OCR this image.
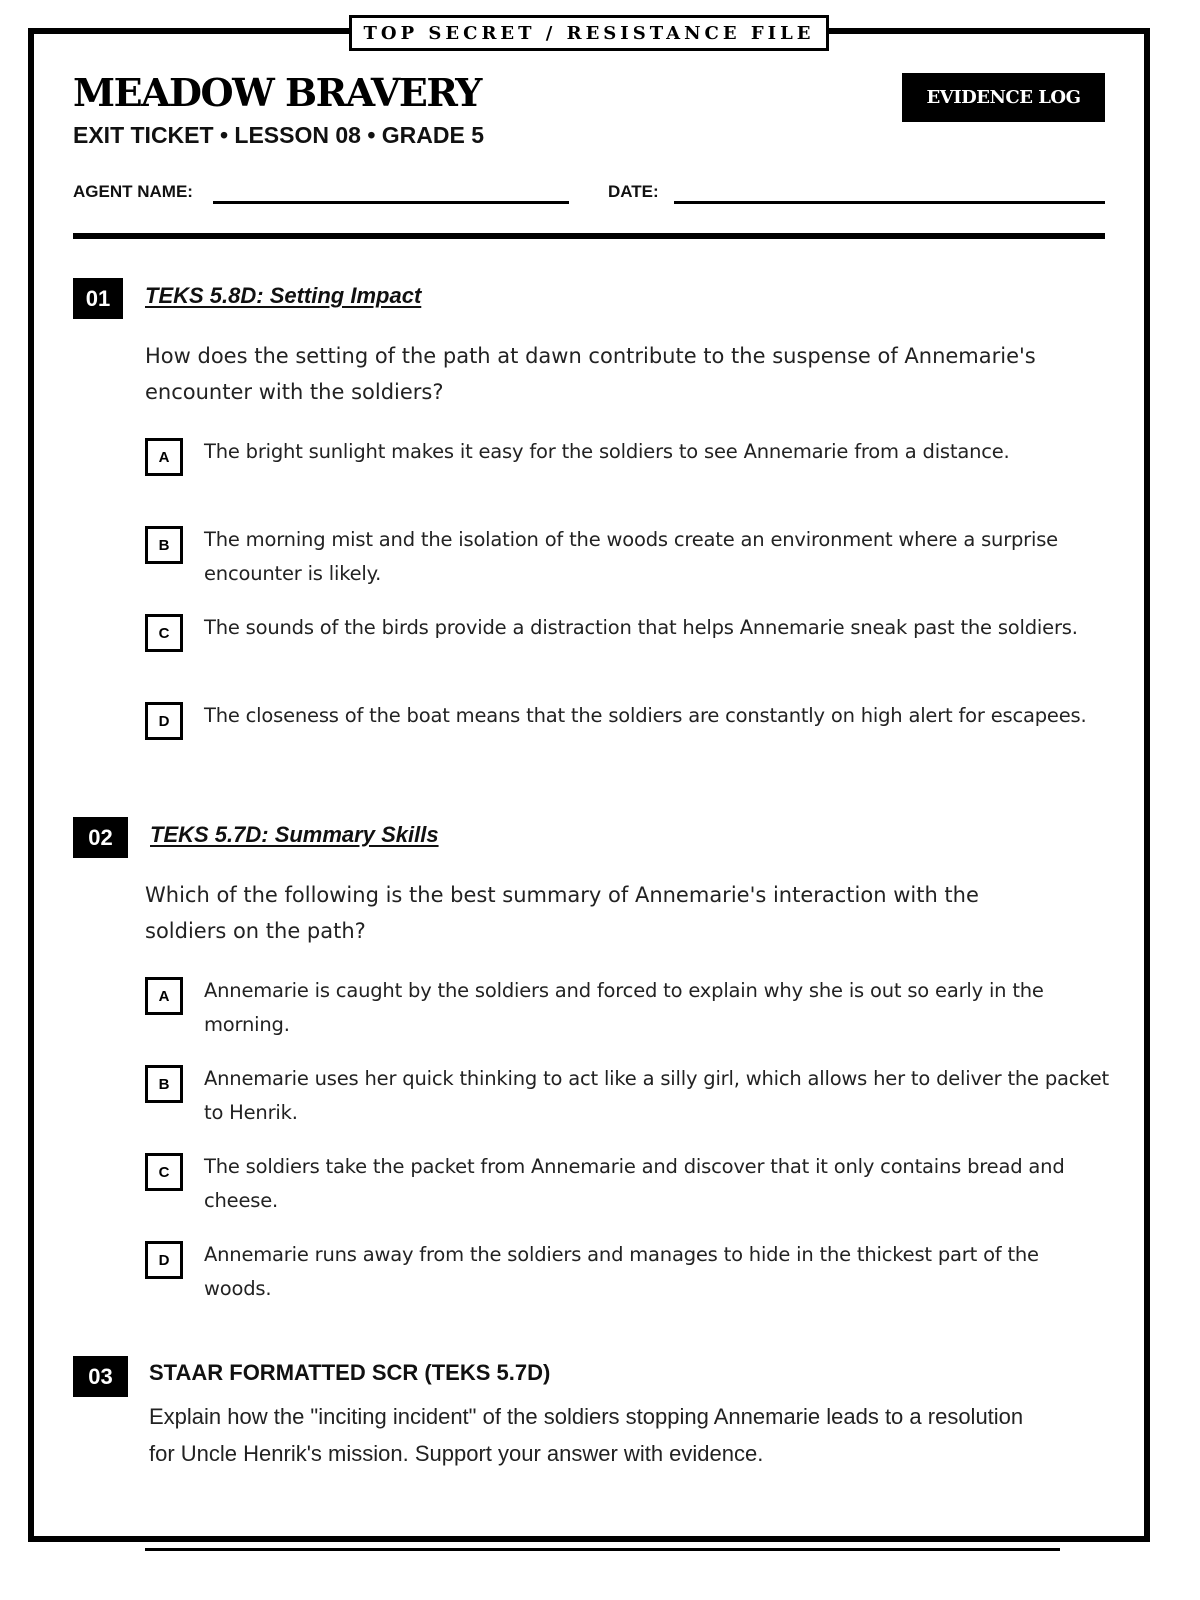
TOP SECRET / RESISTANCE FILE
MEADOW BRAVERY
EXIT TICKET • LESSON 08 • GRADE 5
EVIDENCE LOG
AGENT NAME:	DATE:
01	TEKS 5.8D: Setting Impact
How does the setting of the path at dawn contribute to the suspense of Annemarie's encounter with the soldiers?
A	The bright sunlight makes it easy for the soldiers to see Annemarie from a distance.
B	The morning mist and the isolation of the woods create an environment where a surprise encounter is likely.
C	The sounds of the birds provide a distraction that helps Annemarie sneak past the soldiers.
D	The closeness of the boat means that the soldiers are constantly on high alert for escapees.
02	TEKS 5.7D: Summary Skills
Which of the following is the best summary of Annemarie's interaction with the soldiers on the path?
A	Annemarie is caught by the soldiers and forced to explain why she is out so early in the morning.
B	Annemarie uses her quick thinking to act like a silly girl, which allows her to deliver the packet to Henrik.
C	The soldiers take the packet from Annemarie and discover that it only contains bread and cheese.
D	Annemarie runs away from the soldiers and manages to hide in the thickest part of the woods.
03	STAAR FORMATTED SCR (TEKS 5.7D)
Explain how the "inciting incident" of the soldiers stopping Annemarie leads to a resolution for Uncle Henrik's mission. Support your answer with evidence.
